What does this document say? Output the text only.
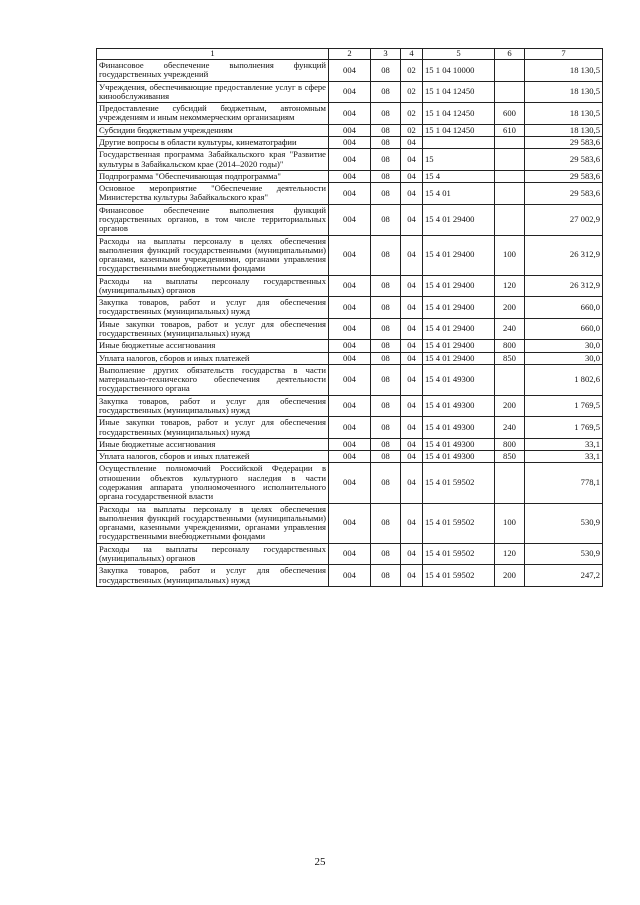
1	2	3	4	5	6	7
Финансовое обеспечение выполнения функций государственных учреждений	004	08	02	15 1 04 10000		18 130,5
Учреждения, обеспечивающие предоставление услуг в сфере кинообслуживания	004	08	02	15 1 04 12450		18 130,5
Предоставление субсидий бюджетным, автономным учреждениям и иным некоммерческим организациям	004	08	02	15 1 04 12450	600	18 130,5
Субсидии бюджетным учреждениям	004	08	02	15 1 04 12450	610	18 130,5
Другие вопросы в области культуры, кинематографии	004	08	04			29 583,6
Государственная программа Забайкальского края "Развитие культуры в Забайкальском крае (2014–2020 годы)"	004	08	04	15		29 583,6
Подпрограмма "Обеспечивающая подпрограмма"	004	08	04	15 4		29 583,6
Основное мероприятие "Обеспечение деятельности Министерства культуры Забайкальского края"	004	08	04	15 4 01		29 583,6
Финансовое обеспечение выполнения функций государственных органов, в том числе территориальных органов	004	08	04	15 4 01 29400		27 002,9
Расходы на выплаты персоналу в целях обеспечения выполнения функций государственными (муниципальными) органами, казенными учреждениями, органами управления государственными внебюджетными фондами	004	08	04	15 4 01 29400	100	26 312,9
Расходы на выплаты персоналу государственных (муниципальных) органов	004	08	04	15 4 01 29400	120	26 312,9
Закупка товаров, работ и услуг для обеспечения государственных (муниципальных) нужд	004	08	04	15 4 01 29400	200	660,0
Иные закупки товаров, работ и услуг для обеспечения государственных (муниципальных) нужд	004	08	04	15 4 01 29400	240	660,0
Иные бюджетные ассигнования	004	08	04	15 4 01 29400	800	30,0
Уплата налогов, сборов и иных платежей	004	08	04	15 4 01 29400	850	30,0
Выполнение других обязательств государства в части материально-технического обеспечения деятельности государственного органа	004	08	04	15 4 01 49300		1 802,6
Закупка товаров, работ и услуг для обеспечения государственных (муниципальных) нужд	004	08	04	15 4 01 49300	200	1 769,5
Иные закупки товаров, работ и услуг для обеспечения государственных (муниципальных) нужд	004	08	04	15 4 01 49300	240	1 769,5
Иные бюджетные ассигнования	004	08	04	15 4 01 49300	800	33,1
Уплата налогов, сборов и иных платежей	004	08	04	15 4 01 49300	850	33,1
Осуществление полномочий Российской Федерации в отношении объектов культурного наследия в части содержания аппарата уполномоченного исполнительного органа государственной власти	004	08	04	15 4 01 59502		778,1
Расходы на выплаты персоналу в целях обеспечения выполнения функций государственными (муниципальными) органами, казенными учреждениями, органами управления государственными внебюджетными фондами	004	08	04	15 4 01 59502	100	530,9
Расходы на выплаты персоналу государственных (муниципальных) органов	004	08	04	15 4 01 59502	120	530,9
Закупка товаров, работ и услуг для обеспечения государственных (муниципальных) нужд	004	08	04	15 4 01 59502	200	247,2
25
